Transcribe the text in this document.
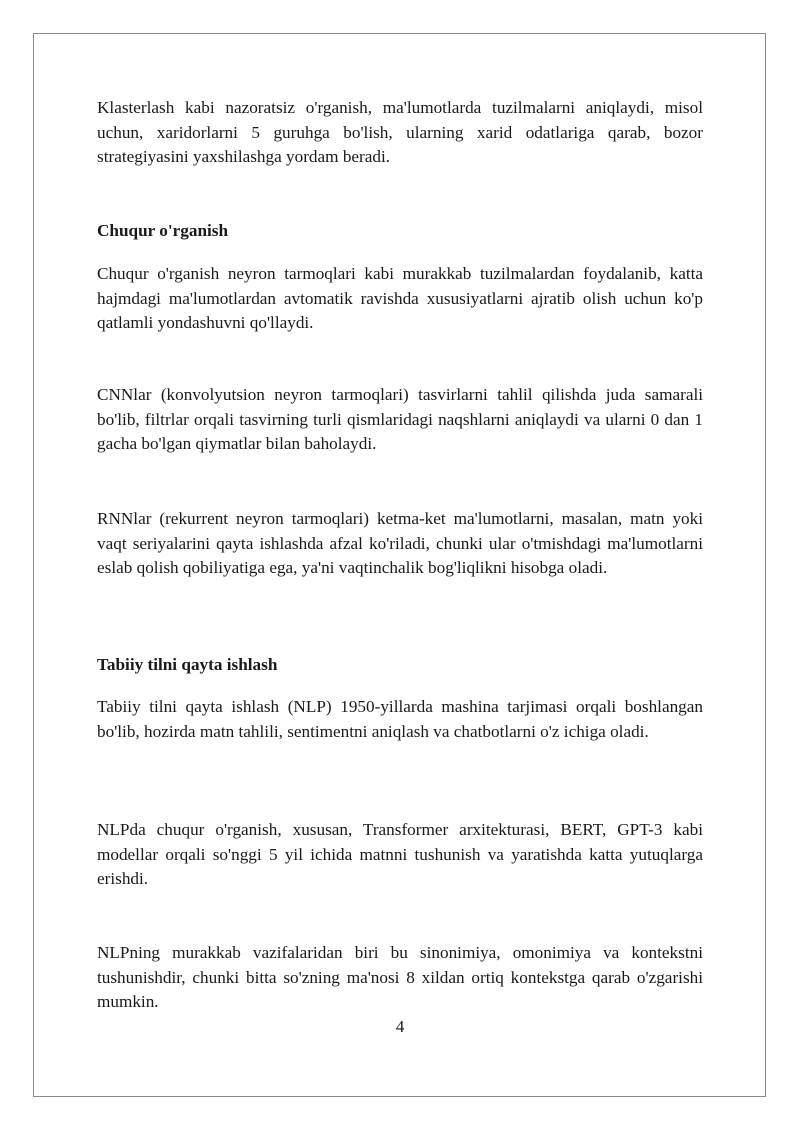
Klasterlash kabi nazoratsiz o'rganish, ma'lumotlarda tuzilmalarni aniqlaydi, misol uchun, xaridorlarni 5 guruhga bo'lish, ularning xarid odatlariga qarab, bozor strategiyasini yaxshilashga yordam beradi.

Chuqur o'rganish

Chuqur o'rganish neyron tarmoqlari kabi murakkab tuzilmalardan foydalanib, katta hajmdagi ma'lumotlardan avtomatik ravishda xususiyatlarni ajratib olish uchun ko'p qatlamli yondashuvni qo'llaydi.

CNNlar (konvolyutsion neyron tarmoqlari) tasvirlarni tahlil qilishda juda samarali bo'lib, filtrlar orqali tasvirning turli qismlaridagi naqshlarni aniqlaydi va ularni 0 dan 1 gacha bo'lgan qiymatlar bilan baholaydi.

RNNlar (rekurrent neyron tarmoqlari) ketma-ket ma'lumotlarni, masalan, matn yoki vaqt seriyalarini qayta ishlashda afzal ko'riladi, chunki ular o'tmishdagi ma'lumotlarni eslab qolish qobiliyatiga ega, ya'ni vaqtinchalik bog'liqlikni hisobga oladi.

Tabiiy tilni qayta ishlash

Tabiiy tilni qayta ishlash (NLP) 1950-yillarda mashina tarjimasi orqali boshlangan bo'lib, hozirda matn tahlili, sentimentni aniqlash va chatbotlarni o'z ichiga oladi.

NLPda chuqur o'rganish, xususan, Transformer arxitekturasi, BERT, GPT-3 kabi modellar orqali so'nggi 5 yil ichida matnni tushunish va yaratishda katta yutuqlarga erishdi.

NLPning murakkab vazifalaridan biri bu sinonimiya, omonimiya va kontekstni tushunishdir, chunki bitta so'zning ma'nosi 8 xildan ortiq kontekstga qarab o'zgarishi mumkin.

4
